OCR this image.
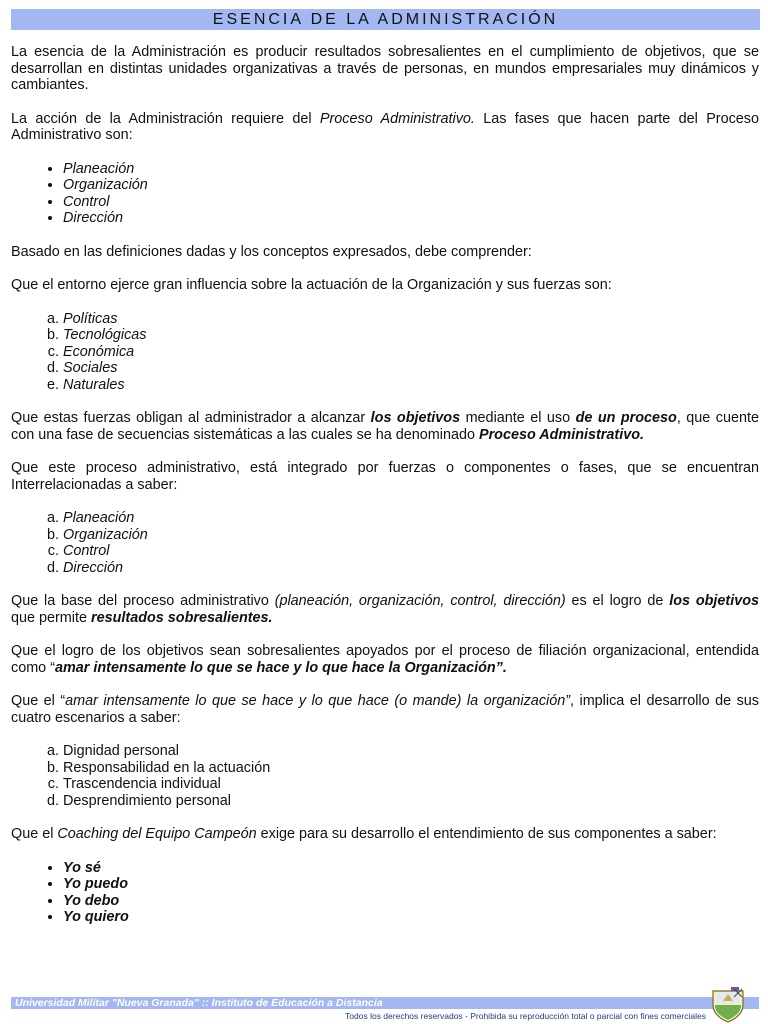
ESENCIA DE LA ADMINISTRACIÓN

La esencia de la Administración es producir resultados sobresalientes en el cumplimiento de objetivos, que se desarrollan en distintas unidades organizativas a través de personas, en mundos empresariales muy dinámicos y cambiantes.

La acción de la Administración requiere del Proceso Administrativo. Las fases que hacen parte del Proceso Administrativo son:

• Planeación
• Organización
• Control
• Dirección

Basado en las definiciones dadas y los conceptos expresados, debe comprender:

Que el entorno ejerce gran influencia sobre la actuación de la Organización y sus fuerzas son:

a. Políticas
b. Tecnológicas
c. Económica
d. Sociales
e. Naturales

Que estas fuerzas obligan al administrador a alcanzar los objetivos mediante el uso de un proceso, que cuente con una fase de secuencias sistemáticas a las cuales se ha denominado Proceso Administrativo.

Que este proceso administrativo, está integrado por fuerzas o componentes o fases, que se encuentran Interrelacionadas a saber:

a. Planeación
b. Organización
c. Control
d. Dirección

Que la base del proceso administrativo (planeación, organización, control, dirección) es el logro de los objetivos que permite resultados sobresalientes.

Que el logro de los objetivos sean sobresalientes apoyados por el proceso de filiación organizacional, entendida como “amar intensamente lo que se hace y lo que hace la Organización”.

Que el “amar intensamente lo que se hace y lo que hace (o mande) la organización”, implica el desarrollo de sus cuatro escenarios a saber:

a. Dignidad personal
b. Responsabilidad en la actuación
c. Trascendencia individual
d. Desprendimiento personal

Que el Coaching del Equipo Campeón exige para su desarrollo el entendimiento de sus componentes a saber:

• Yo sé
• Yo puedo
• Yo debo
• Yo quiero
Universidad Militar "Nueva Granada" :: Instituto de Educación a Distancia
Todos los derechos reservados - Prohibida su reproducción total o parcial con fines comerciales
